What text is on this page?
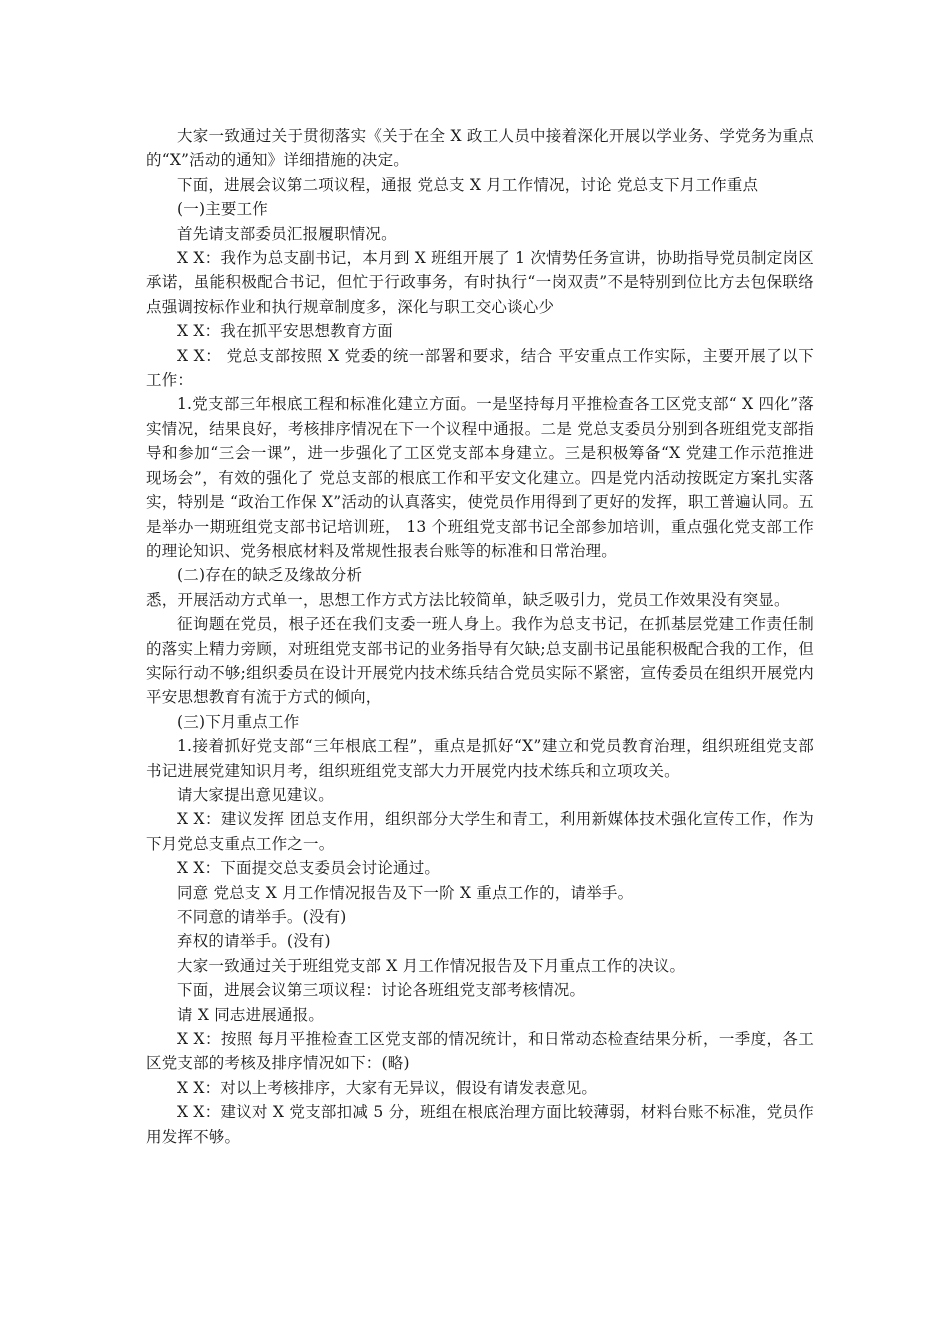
大家一致通过关于贯彻落实《关于在全 X 政工人员中接着深化开展以学业务、学党务为重点的“X”活动的通知》详细措施的决定。

下面，进展会议第二项议程，通报 党总支 X 月工作情况，讨论 党总支下月工作重点

(一)主要工作

首先请支部委员汇报履职情况。

X X：我作为总支副书记，本月到 X 班组开展了 1 次情势任务宣讲，协助指导党员制定岗区承诺，虽能积极配合书记，但忙于行政事务，有时执行“一岗双责”不是特别到位比方去包保联络点强调按标作业和执行规章制度多，深化与职工交心谈心少

X X：我在抓平安思想教育方面

X X： 党总支部按照 X 党委的统一部署和要求，结合 平安重点工作实际，主要开展了以下工作：

1.党支部三年根底工程和标准化建立方面。一是坚持每月平推检查各工区党支部“ X 四化”落实情况，结果良好，考核排序情况在下一个议程中通报。二是 党总支委员分别到各班组党支部指导和参加“三会一课”，进一步强化了工区党支部本身建立。三是积极筹备“X 党建工作示范推进现场会”，有效的强化了 党总支部的根底工作和平安文化建立。四是党内活动按既定方案扎实落实，特别是 “政治工作保 X”活动的认真落实，使党员作用得到了更好的发挥，职工普遍认同。五是举办一期班组党支部书记培训班， 13 个班组党支部书记全部参加培训，重点强化党支部工作的理论知识、党务根底材料及常规性报表台账等的标准和日常治理。

(二)存在的缺乏及缘故分析

悉，开展活动方式单一，思想工作方式方法比较简单，缺乏吸引力，党员工作效果没有突显。

征询题在党员，根子还在我们支委一班人身上。我作为总支书记，在抓基层党建工作责任制的落实上精力旁顾，对班组党支部书记的业务指导有欠缺;总支副书记虽能积极配合我的工作，但实际行动不够;组织委员在设计开展党内技术练兵结合党员实际不紧密，宣传委员在组织开展党内平安思想教育有流于方式的倾向，

(三)下月重点工作

1.接着抓好党支部“三年根底工程”，重点是抓好“X”建立和党员教育治理，组织班组党支部书记进展党建知识月考，组织班组党支部大力开展党内技术练兵和立项攻关。

请大家提出意见建议。

X X：建议发挥 团总支作用，组织部分大学生和青工，利用新媒体技术强化宣传工作，作为下月党总支重点工作之一。

X X：下面提交总支委员会讨论通过。

同意 党总支 X 月工作情况报告及下一阶 X 重点工作的，请举手。

不同意的请举手。(没有)

弃权的请举手。(没有)

大家一致通过关于班组党支部 X 月工作情况报告及下月重点工作的决议。

下面，进展会议第三项议程：讨论各班组党支部考核情况。

请 X 同志进展通报。

X X：按照 每月平推检查工区党支部的情况统计，和日常动态检查结果分析，一季度，各工区党支部的考核及排序情况如下：(略)

X X：对以上考核排序，大家有无异议，假设有请发表意见。

X X：建议对 X 党支部扣减 5 分，班组在根底治理方面比较薄弱，材料台账不标准，党员作用发挥不够。
